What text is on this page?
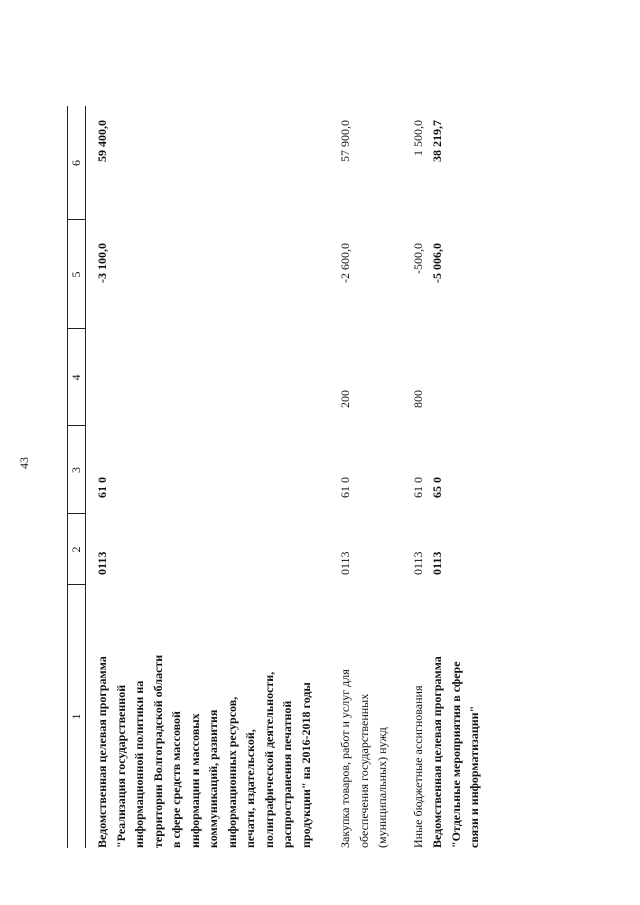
43
1
2
3
4
5
6
Ведомственная целевая программа "Реализация государственной информационной политики на территории Волгоградской области в сфере средств массовой информации и массовых коммуникаций, развития информационных ресурсов, печати, издательской, полиграфической деятельности, распространения печатной продукции" на 2016-2018 годы
0113
61 0
-3 100,0
59 400,0
Закупка товаров, работ и услуг для обеспечения государственных (муниципальных) нужд
0113
61 0
200
-2 600,0
57 900,0
Иные бюджетные ассигнования
0113
61 0
800
-500,0
1 500,0
Ведомственная целевая программа "Отдельные мероприятия в сфере связи и информатизации"
0113
65 0
-5 006,0
38 219,7
